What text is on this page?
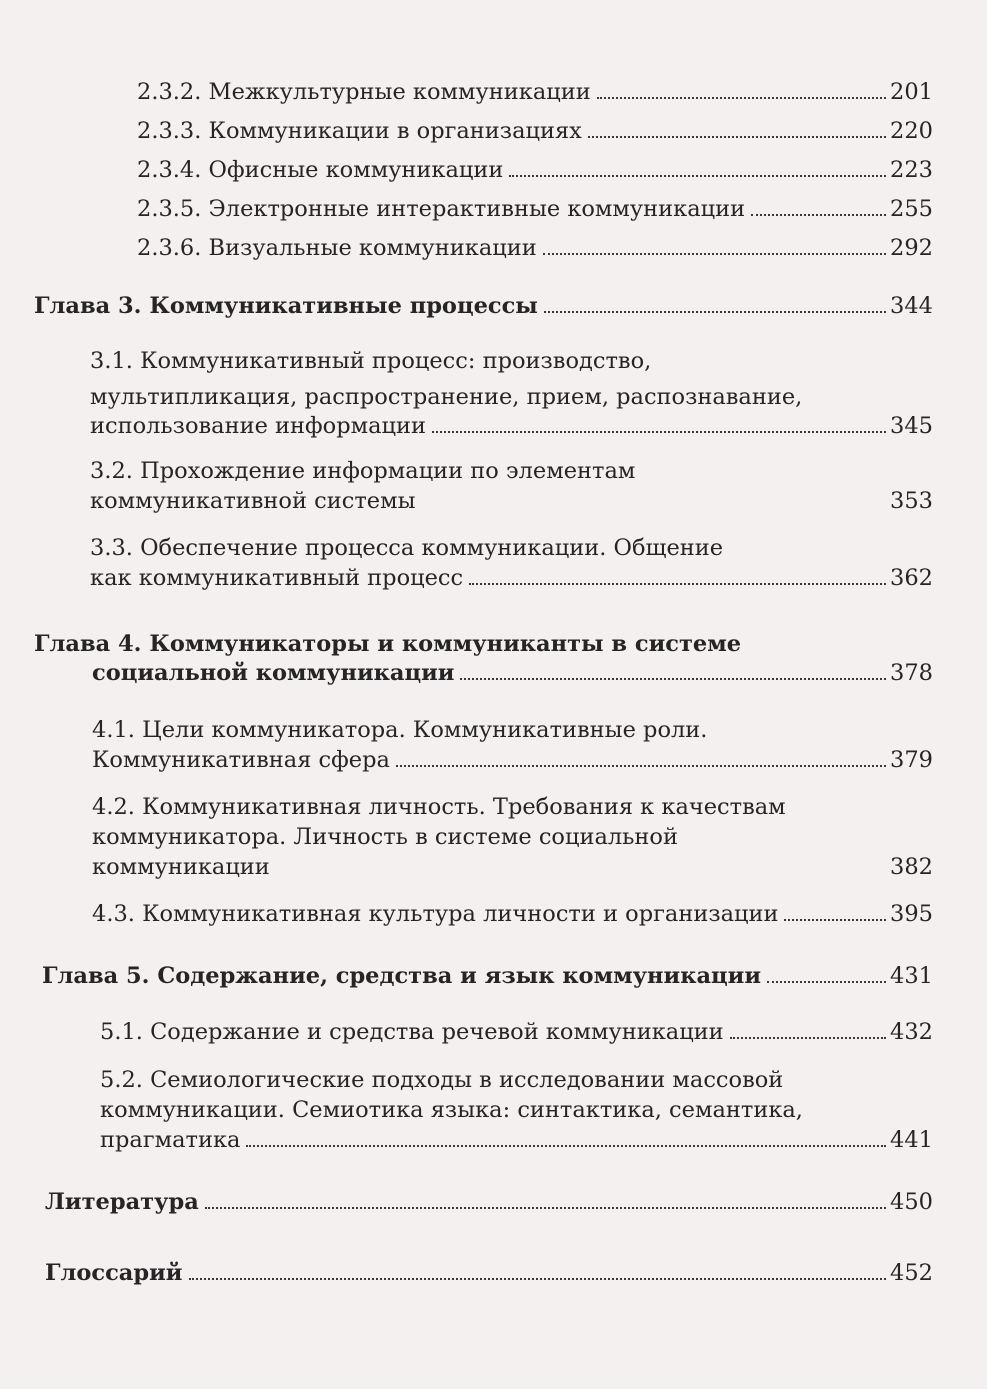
2.3.2. Межкультурные коммуникации	201
2.3.3. Коммуникации в организациях	220
2.3.4. Офисные коммуникации	223
2.3.5. Электронные интерактивные коммуникации	255
2.3.6. Визуальные коммуникации	292
Глава 3. Коммуникативные процессы	344
3.1. Коммуникативный процесс: производство,
мультипликация, распространение, прием, распознавание,
использование информации	345
3.2. Прохождение информации по элементам
коммуникативной системы	353
3.3. Обеспечение процесса коммуникации. Общение
как коммуникативный процесс	362
Глава 4. Коммуникаторы и коммуниканты в системе
социальной коммуникации	378
4.1. Цели коммуникатора. Коммуникативные роли.
Коммуникативная сфера	379
4.2. Коммуникативная личность. Требования к качествам
коммуникатора. Личность в системе социальной
коммуникации	382
4.3. Коммуникативная культура личности и организации	395
Глава 5. Содержание, средства и язык коммуникации	431
5.1. Содержание и средства речевой коммуникации	432
5.2. Семиологические подходы в исследовании массовой
коммуникации. Семиотика языка: синтактика, семантика,
прагматика	441
Литература	450
Глоссарий	452
